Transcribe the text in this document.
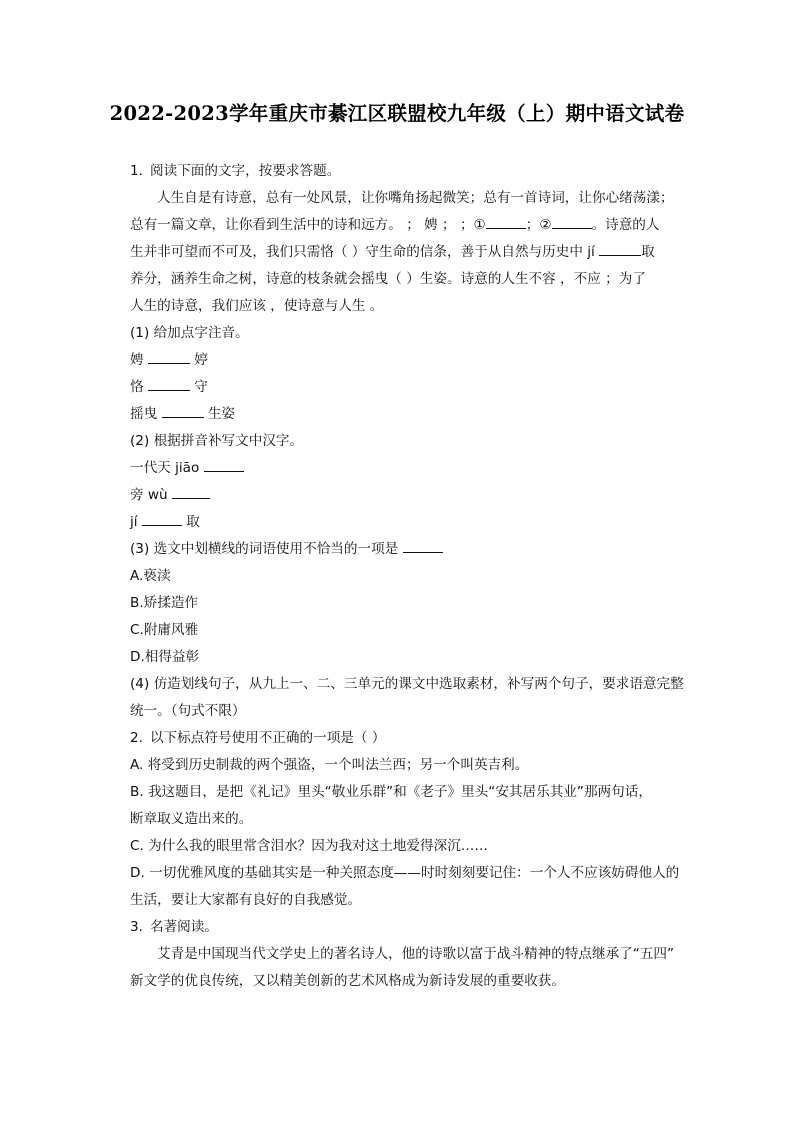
2022-2023学年重庆市綦江区联盟校九年级（上）期中语文试卷
1. 阅读下面的文字，按要求答题。
人生自是有诗意，总有一处风景，让你嘴角扬起微笑；总有一首诗词，让你心绪荡漾；
总有一篇文章，让你看到生活中的诗和远方。 ； 娉 ； ；①	；②	。诗意的人
生并非可望而不可及，我们只需恪（ ）守生命的信条，善于从自然与历史中 jí	取
养分，涵养生命之树，诗意的枝条就会摇曳（ ）生姿。诗意的人生不容 ，不应 ；为了
人生的诗意，我们应该 ，使诗意与人生 。
(1) 给加点字注音。
娉	婷
恪	守
摇曳	生姿
(2) 根据拼音补写文中汉字。
一代天 jiāo
旁 wù
jí	取
(3) 选文中划横线的词语使用不恰当的一项是
A.亵渎
B.矫揉造作
C.附庸风雅
D.相得益彰
(4) 仿造划线句子，从九上一、二、三单元的课文中选取素材，补写两个句子，要求语意完整
统一。（句式不限）
2. 以下标点符号使用不正确的一项是（ ）
A. 将受到历史制裁的两个强盗，一个叫法兰西；另一个叫英吉利。
B. 我这题目，是把《礼记》里头“敬业乐群”和《老子》里头“安其居乐其业”那两句话，
断章取义造出来的。
C. 为什么我的眼里常含泪水？因为我对这土地爱得深沉……
D. 一切优雅风度的基础其实是一种关照态度——时时刻刻要记住：一个人不应该妨碍他人的
生活，要让大家都有良好的自我感觉。
3. 名著阅读。
艾青是中国现当代文学史上的著名诗人，他的诗歌以富于战斗精神的特点继承了“五四”
新文学的优良传统，又以精美创新的艺术风格成为新诗发展的重要收获。
